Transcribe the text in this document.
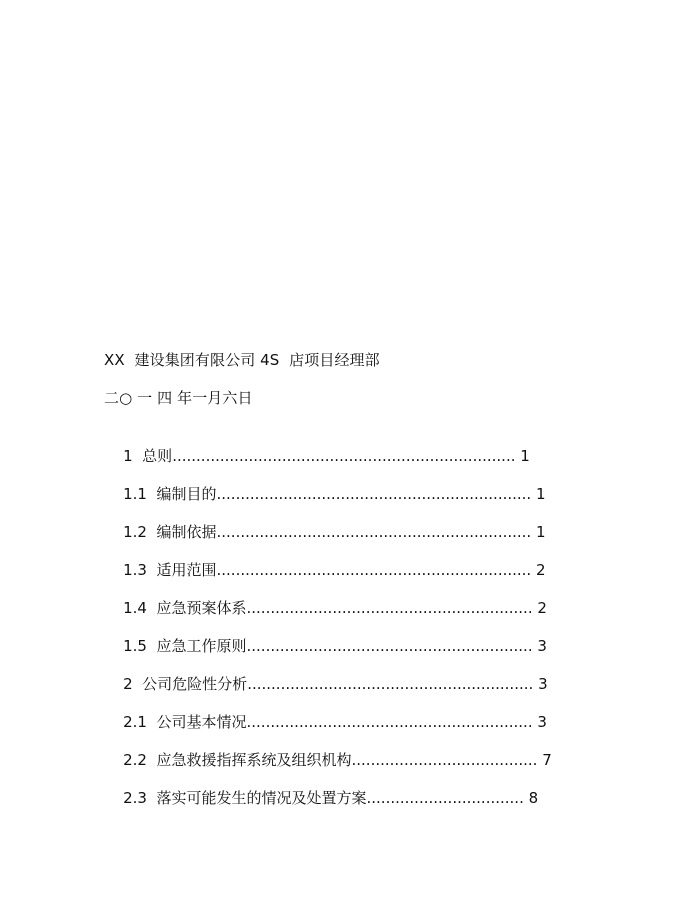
XX  建设集团有限公司 4S  店项目经理部
二○ 一 四 年一月六日

1 总则........................................................................ 1

1.1 编制目的.................................................................. 1

1.2 编制依据.................................................................. 1

1.3 适用范围.................................................................. 2

1.4 应急预案体系............................................................ 2

1.5 应急工作原则............................................................ 3

2 公司危险性分析............................................................ 3

2.1 公司基本情况............................................................ 3

2.2 应急救援指挥系统及组织机构....................................... 7

2.3 落实可能发生的情况及处置方案................................. 8
